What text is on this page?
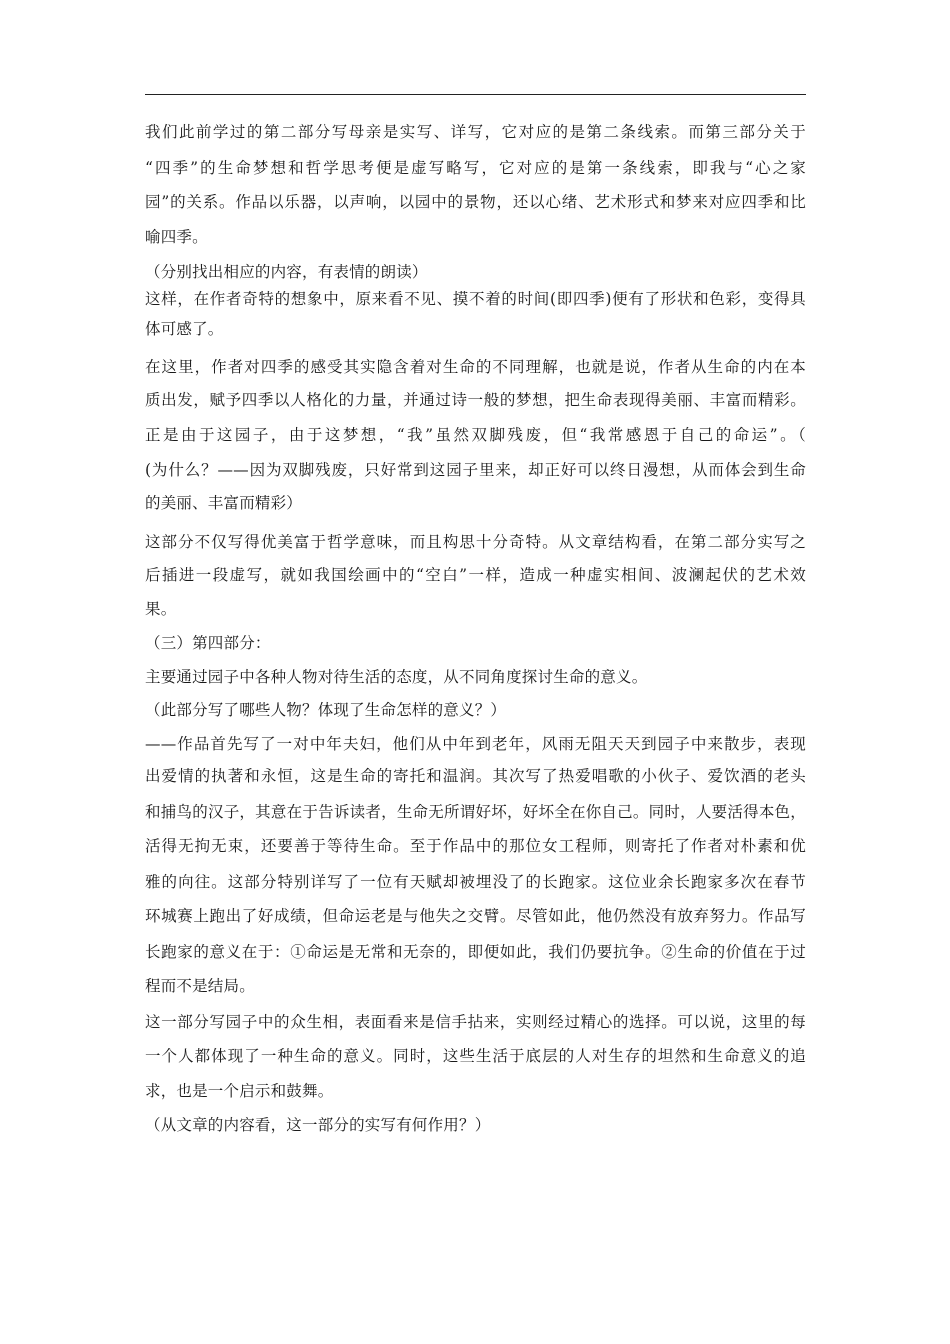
我们此前学过的第二部分写母亲是实写、详写，它对应的是第二条线索。而第三部分关于
“四季”的生命梦想和哲学思考便是虚写略写，它对应的是第一条线索，即我与“心之家
园”的关系。作品以乐器，以声响，以园中的景物，还以心绪、艺术形式和梦来对应四季和比
喻四季。
（分别找出相应的内容，有表情的朗读）
这样，在作者奇特的想象中，原来看不见、摸不着的时间(即四季)便有了形状和色彩，变得具
体可感了。
在这里，作者对四季的感受其实隐含着对生命的不同理解，也就是说，作者从生命的内在本
质出发，赋予四季以人格化的力量，并通过诗一般的梦想，把生命表现得美丽、丰富而精彩。
正是由于这园子，由于这梦想，“我”虽然双脚残废，但“我常感恩于自己的命运”。（
(为什么？——因为双脚残废，只好常到这园子里来，却正好可以终日漫想，从而体会到生命
的美丽、丰富而精彩）
这部分不仅写得优美富于哲学意味，而且构思十分奇特。从文章结构看，在第二部分实写之
后插进一段虚写，就如我国绘画中的“空白”一样，造成一种虚实相间、波澜起伏的艺术效
果。
（三）第四部分：
主要通过园子中各种人物对待生活的态度，从不同角度探讨生命的意义。
（此部分写了哪些人物？体现了生命怎样的意义？）
——作品首先写了一对中年夫妇，他们从中年到老年，风雨无阻天天到园子中来散步，表现
出爱情的执著和永恒，这是生命的寄托和温润。其次写了热爱唱歌的小伙子、爱饮酒的老头
和捕鸟的汉子，其意在于告诉读者，生命无所谓好坏，好坏全在你自己。同时，人要活得本色，
活得无拘无束，还要善于等待生命。至于作品中的那位女工程师，则寄托了作者对朴素和优
雅的向往。这部分特别详写了一位有天赋却被埋没了的长跑家。这位业余长跑家多次在春节
环城赛上跑出了好成绩，但命运老是与他失之交臂。尽管如此，他仍然没有放弃努力。作品写
长跑家的意义在于：①命运是无常和无奈的，即便如此，我们仍要抗争。②生命的价值在于过
程而不是结局。
这一部分写园子中的众生相，表面看来是信手拈来，实则经过精心的选择。可以说，这里的每
一个人都体现了一种生命的意义。同时，这些生活于底层的人对生存的坦然和生命意义的追
求，也是一个启示和鼓舞。
（从文章的内容看，这一部分的实写有何作用？）
